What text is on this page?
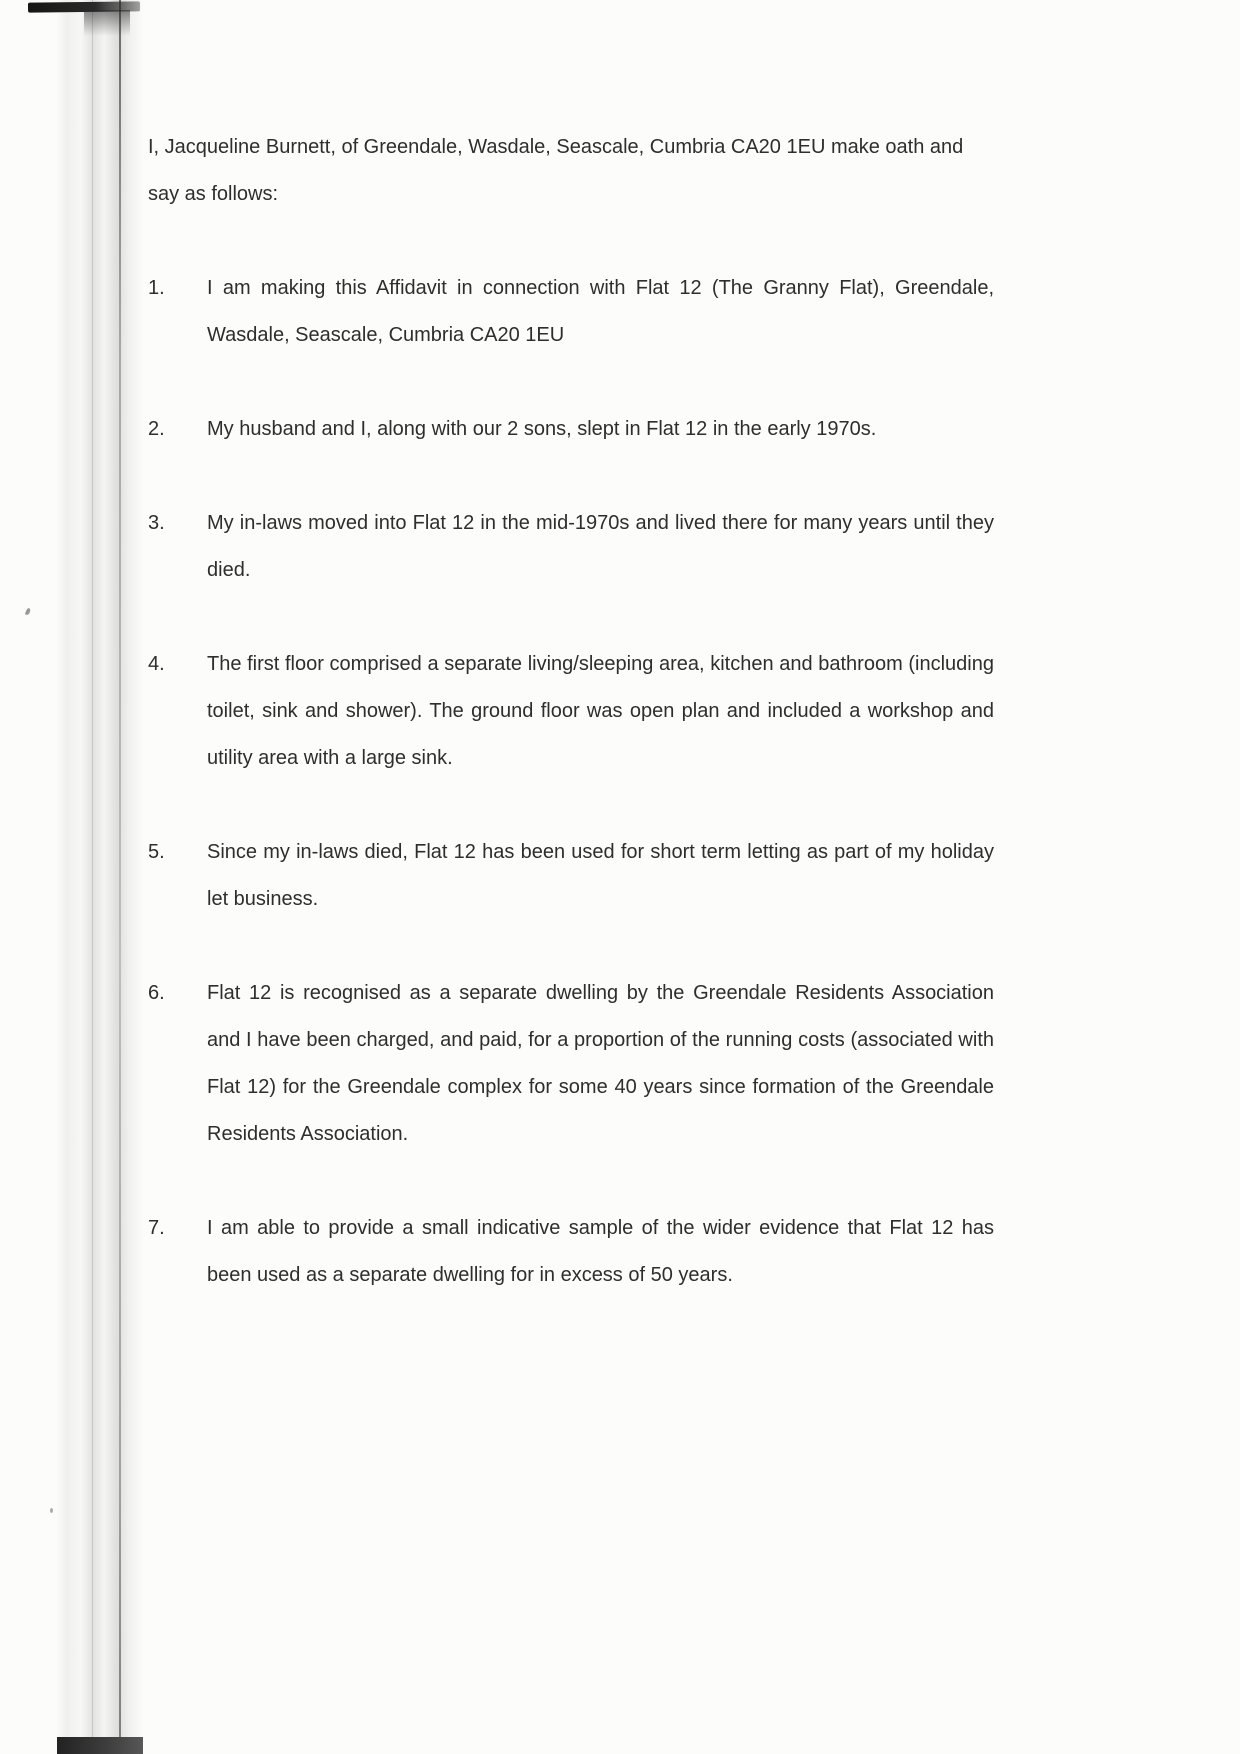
I, Jacqueline Burnett, of Greendale, Wasdale, Seascale, Cumbria CA20 1EU make oath and say as follows:

1.	I am making this Affidavit in connection with Flat 12 (The Granny Flat), Greendale, Wasdale, Seascale, Cumbria CA20 1EU
2.	My husband and I, along with our 2 sons, slept in Flat 12 in the early 1970s.
3.	My in-laws moved into Flat 12 in the mid-1970s and lived there for many years until they died.
4.	The first floor comprised a separate living/sleeping area, kitchen and bathroom (including toilet, sink and shower). The ground floor was open plan and included a workshop and utility area with a large sink.
5.	Since my in-laws died, Flat 12 has been used for short term letting as part of my holiday let business.
6.	Flat 12 is recognised as a separate dwelling by the Greendale Residents Association and I have been charged, and paid, for a proportion of the running costs (associated with Flat 12) for the Greendale complex for some 40 years since formation of the Greendale Residents Association.
7.	I am able to provide a small indicative sample of the wider evidence that Flat 12 has been used as a separate dwelling for in excess of 50 years.
